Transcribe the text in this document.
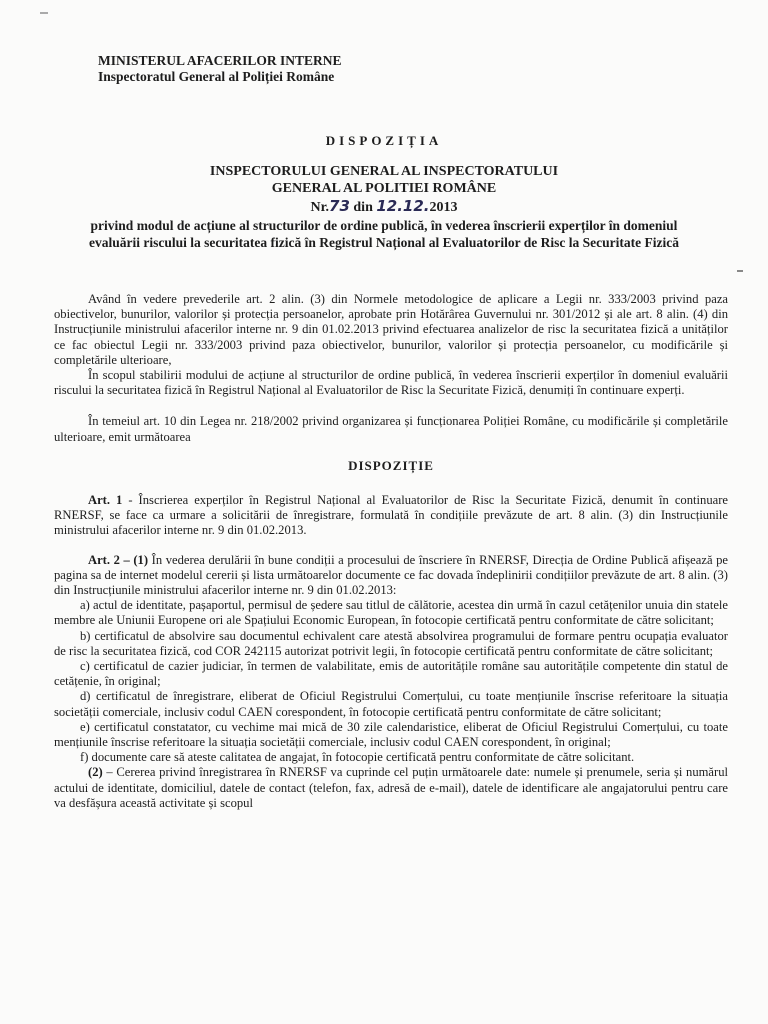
MINISTERUL AFACERILOR INTERNE
Inspectoratul General al Poliției Române
DISPOZIȚIA
INSPECTORULUI GENERAL AL INSPECTORATULUI
GENERAL AL POLITIEI ROMÂNE
Nr.73 din 12.12.2013
privind modul de acțiune al structurilor de ordine publică, în vederea înscrierii experților în domeniul
evaluării riscului la securitatea fizică în Registrul Național al Evaluatorilor de Risc la Securitate Fizică

Având în vedere prevederile art. 2 alin. (3) din Normele metodologice de aplicare a Legii nr. 333/2003 privind paza obiectivelor, bunurilor, valorilor și protecția persoanelor, aprobate prin Hotărârea Guvernului nr. 301/2012 și ale art. 8 alin. (4) din Instrucțiunile ministrului afacerilor interne nr. 9 din 01.02.2013 privind efectuarea analizelor de risc la securitatea fizică a unităților ce fac obiectul Legii nr. 333/2003 privind paza obiectivelor, bunurilor, valorilor și protecția persoanelor, cu modificările și completările ulterioare,

În scopul stabilirii modului de acțiune al structurilor de ordine publică, în vederea înscrierii experților în domeniul evaluării riscului la securitatea fizică în Registrul Național al Evaluatorilor de Risc la Securitate Fizică, denumiți în continuare experți.

În temeiul art. 10 din Legea nr. 218/2002 privind organizarea și funcționarea Poliției Române, cu modificările și completările ulterioare, emit următoarea

DISPOZIȚIE

Art. 1 - Înscrierea experților în Registrul Național al Evaluatorilor de Risc la Securitate Fizică, denumit în continuare RNERSF, se face ca urmare a solicitării de înregistrare, formulată în condițiile prevăzute de art. 8 alin. (3) din Instrucțiunile ministrului afacerilor interne nr. 9 din 01.02.2013.

Art. 2 – (1) În vederea derulării în bune condiții a procesului de înscriere în RNERSF, Direcția de Ordine Publică afișează pe pagina sa de internet modelul cererii și lista următoarelor documente ce fac dovada îndeplinirii condițiilor prevăzute de art. 8 alin. (3) din Instrucțiunile ministrului afacerilor interne nr. 9 din 01.02.2013:

a) actul de identitate, pașaportul, permisul de ședere sau titlul de călătorie, acestea din urmă în cazul cetățenilor unuia din statele membre ale Uniunii Europene ori ale Spațiului Economic European, în fotocopie certificată pentru conformitate de către solicitant;

b) certificatul de absolvire sau documentul echivalent care atestă absolvirea programului de formare pentru ocupația evaluator de risc la securitatea fizică, cod COR 242115 autorizat potrivit legii, în fotocopie certificată pentru conformitate de către solicitant;

c) certificatul de cazier judiciar, în termen de valabilitate, emis de autoritățile române sau autoritățile competente din statul de cetățenie, în original;

d) certificatul de înregistrare, eliberat de Oficiul Registrului Comerțului, cu toate mențiunile înscrise referitoare la situația societății comerciale, inclusiv codul CAEN corespondent, în fotocopie certificată pentru conformitate de către solicitant;

e) certificatul constatator, cu vechime mai mică de 30 zile calendaristice, eliberat de Oficiul Registrului Comerțului, cu toate mențiunile înscrise referitoare la situația societății comerciale, inclusiv codul CAEN corespondent, în original;

f) documente care să ateste calitatea de angajat, în fotocopie certificată pentru conformitate de către solicitant.

(2) – Cererea privind înregistrarea în RNERSF va cuprinde cel puțin următoarele date: numele și prenumele, seria și numărul actului de identitate, domiciliul, datele de contact (telefon, fax, adresă de e-mail), datele de identificare ale angajatorului pentru care va desfășura această activitate și scopul
